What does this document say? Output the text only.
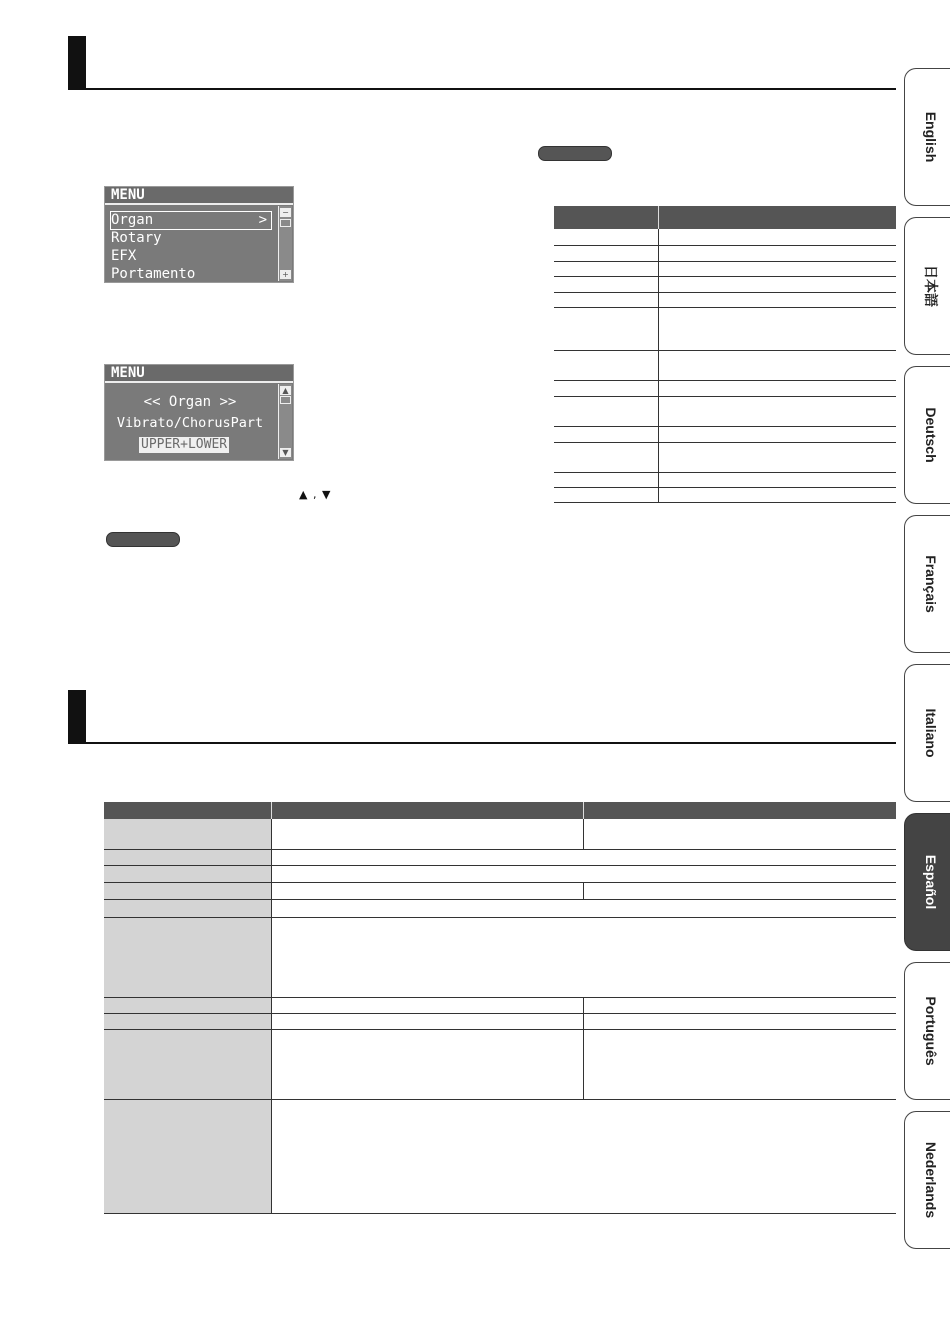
MENU
Organ	>
Rotary
EFX
Portamento
−
+
MENU
<< Organ >>
Vibrato/ChorusPart
UPPER+LOWER
▲
▼
▲ , ▼
English
日本語
Deutsch
Français
Italiano
Español
Português
Nederlands
